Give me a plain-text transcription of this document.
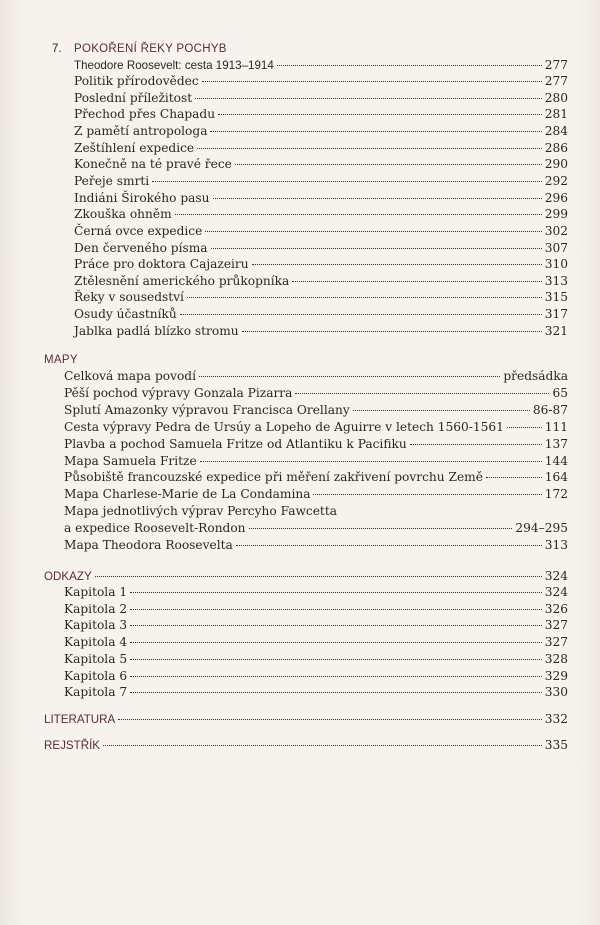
7. POKOŘENÍ ŘEKY POCHYB
Theodore Roosevelt: cesta 1913–1914	277
Politik přírodovědec	277
Poslední příležitost	280
Přechod přes Chapadu	281
Z pamětí antropologa	284
Zeštíhlení expedice	286
Konečně na té pravé řece	290
Peřeje smrti	292
Indiáni Širokého pasu	296
Zkouška ohněm	299
Černá ovce expedice	302
Den červeného písma	307
Práce pro doktora Cajazeiru	310
Ztělesnění amerického průkopníka	313
Řeky v sousedství	315
Osudy účastníků	317
Jablka padlá blízko stromu	321
MAPY
Celková mapa povodí	předsádka
Pěší pochod výpravy Gonzala Pizarra	65
Splutí Amazonky výpravou Francisca Orellany	86-87
Cesta výpravy Pedra de Ursúy a Lopeho de Aguirre v letech 1560-1561	111
Plavba a pochod Samuela Fritze od Atlantiku k Pacifiku	137
Mapa Samuela Fritze	144
Působiště francouzské expedice při měření zakřivení povrchu Země	164
Mapa Charlese-Marie de La Condamina	172
Mapa jednotlivých výprav Percyho Fawcetta
a expedice Roosevelt-Rondon	294–295
Mapa Theodora Roosevelta	313
ODKAZY	324
Kapitola 1	324
Kapitola 2	326
Kapitola 3	327
Kapitola 4	327
Kapitola 5	328
Kapitola 6	329
Kapitola 7	330
LITERATURA	332
REJSTŘÍK	335
